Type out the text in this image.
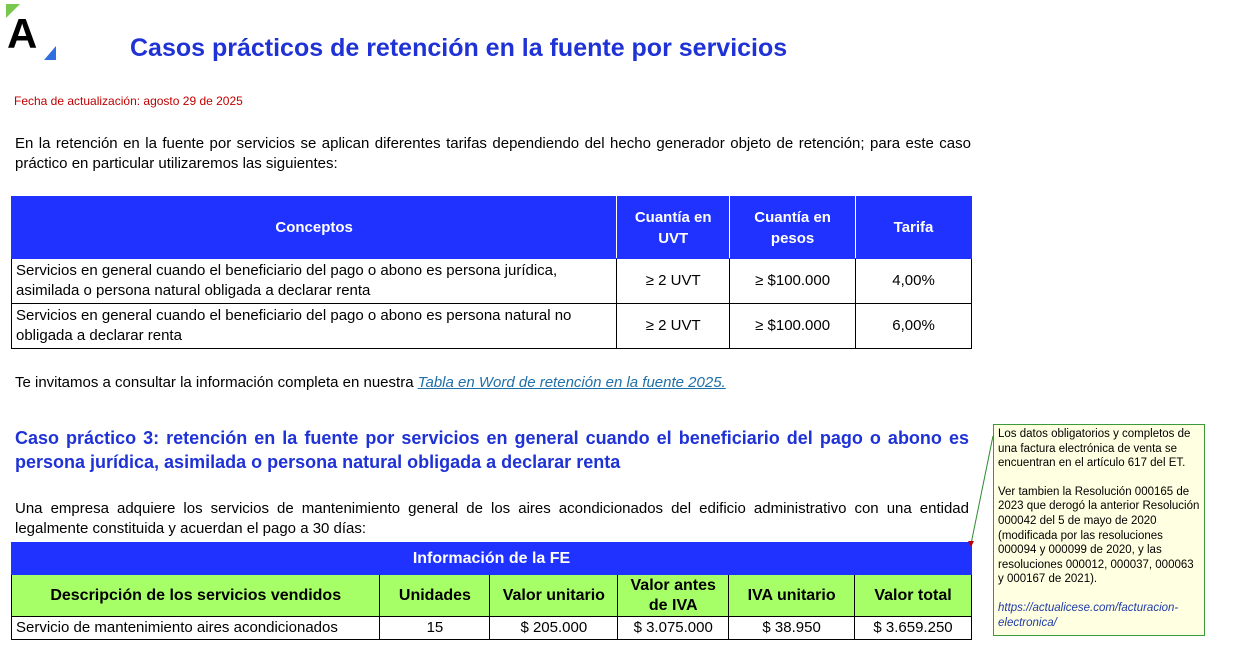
A	Casos prácticos de retención en la fuente por servicios
Fecha de actualización: agosto 29 de 2025
En la retención en la fuente por servicios se aplican diferentes tarifas dependiendo del hecho generador objeto de retención; para este caso práctico en particular utilizaremos las siguientes:
Conceptos	Cuantía en UVT	Cuantía en pesos	Tarifa
Servicios en general cuando el beneficiario del pago o abono es persona jurídica, asimilada o persona natural obligada a declarar renta	≥ 2 UVT	≥ $100.000	4,00%
Servicios en general cuando el beneficiario del pago o abono es persona natural no obligada a declarar renta	≥ 2 UVT	≥ $100.000	6,00%
Te invitamos a consultar la información completa en nuestra Tabla en Word de retención en la fuente 2025.
Caso práctico 3: retención en la fuente por servicios en general cuando el beneficiario del pago o abono es persona jurídica, asimilada o persona natural obligada a declarar renta
Una empresa adquiere los servicios de mantenimiento general de los aires acondicionados del edificio administrativo con una entidad legalmente constituida y acuerdan el pago a 30 días:
Información de la FE					
Descripción de los servicios vendidos	Unidades	Valor unitario	Valor antes de IVA	IVA unitario	Valor total
Servicio de mantenimiento aires acondicionados	15	$ 205.000	$ 3.075.000	$ 38.950	$ 3.659.250

Los datos obligatorios y completos de una factura electrónica de venta se encuentran en el artículo 617 del ET.

Ver tambien la Resolución 000165 de 2023 que derogó la anterior Resolución 000042 del 5 de mayo de 2020 (modificada por las resoluciones 000094 y 000099 de 2020, y las resoluciones 000012, 000037, 000063 y 000167 de 2021).

https://actualicese.com/facturacion-electronica/
